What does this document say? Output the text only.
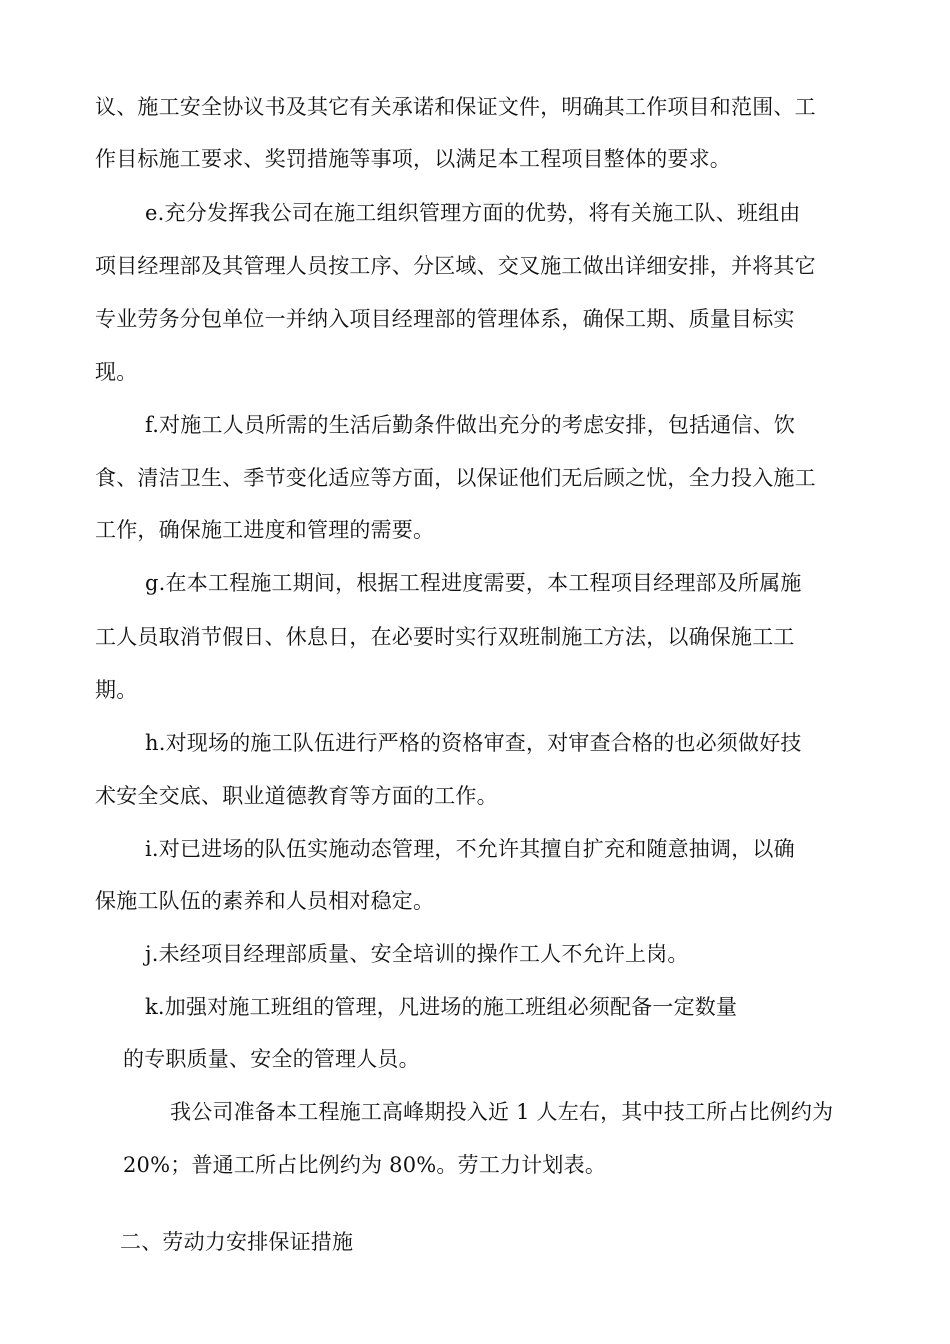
议、施工安全协议书及其它有关承诺和保证文件，明确其工作项目和范围、工
作目标施工要求、奖罚措施等事项，以满足本工程项目整体的要求。
e.充分发挥我公司在施工组织管理方面的优势，将有关施工队、班组由
项目经理部及其管理人员按工序、分区域、交叉施工做出详细安排，并将其它
专业劳务分包单位一并纳入项目经理部的管理体系，确保工期、质量目标实
现。
f.对施工人员所需的生活后勤条件做出充分的考虑安排，包括通信、饮
食、清洁卫生、季节变化适应等方面，以保证他们无后顾之忧，全力投入施工
工作，确保施工进度和管理的需要。
g.在本工程施工期间，根据工程进度需要，本工程项目经理部及所属施
工人员取消节假日、休息日，在必要时实行双班制施工方法，以确保施工工
期。
h.对现场的施工队伍进行严格的资格审查，对审查合格的也必须做好技
术安全交底、职业道德教育等方面的工作。
i.对已进场的队伍实施动态管理，不允许其擅自扩充和随意抽调，以确
保施工队伍的素养和人员相对稳定。
j.未经项目经理部质量、安全培训的操作工人不允许上岗。
k.加强对施工班组的管理，凡进场的施工班组必须配备一定数量
的专职质量、安全的管理人员。
我公司准备本工程施工高峰期投入近 1 人左右，其中技工所占比例约为
20%；普通工所占比例约为 80%。劳工力计划表。
二、劳动力安排保证措施
